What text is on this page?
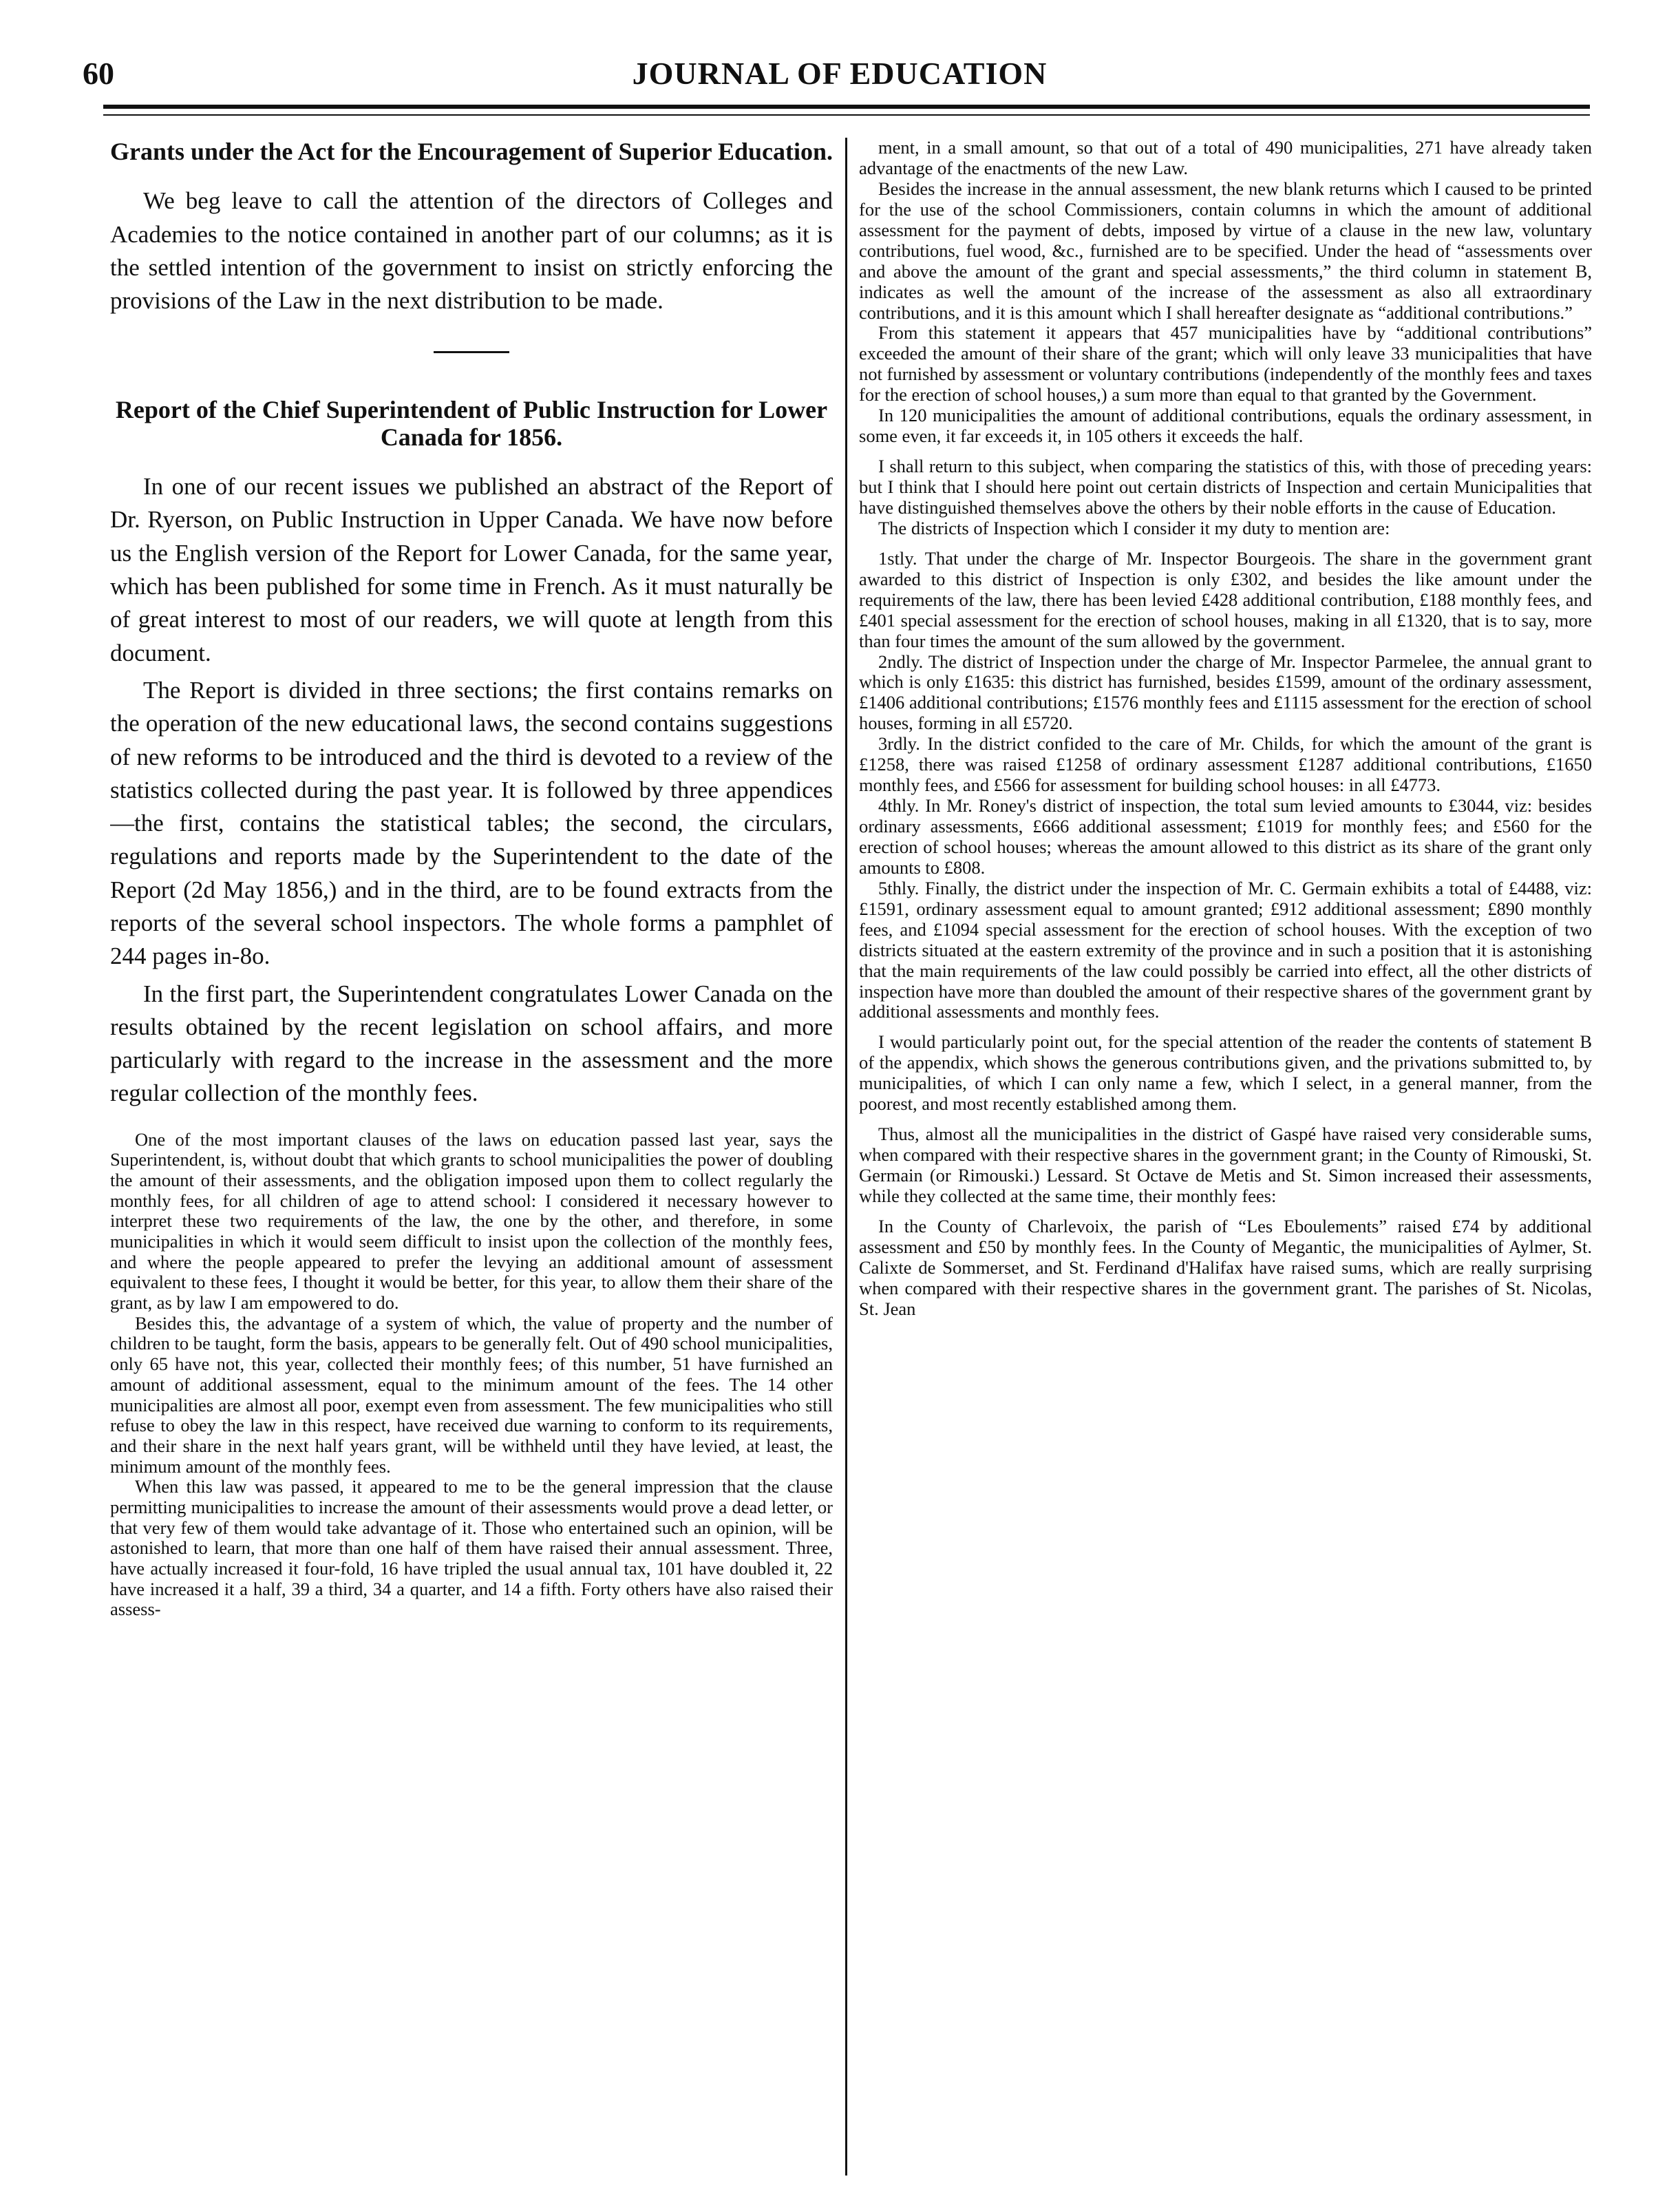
60	JOURNAL OF EDUCATION
Grants under the Act for the Encouragement of Superior Education.

We beg leave to call the attention of the directors of Colleges and Academies to the notice contained in another part of our columns; as it is the settled intention of the government to insist on strictly enforcing the provisions of the Law in the next distribution to be made.

Report of the Chief Superintendent of Public Instruction for Lower Canada for 1856.

In one of our recent issues we published an abstract of the Report of Dr. Ryerson, on Public Instruction in Upper Canada. We have now before us the English version of the Report for Lower Canada, for the same year, which has been published for some time in French. As it must naturally be of great interest to most of our readers, we will quote at length from this document.

The Report is divided in three sections; the first contains remarks on the operation of the new educational laws, the second contains suggestions of new reforms to be introduced and the third is devoted to a review of the statistics collected during the past year. It is followed by three appendices—the first, contains the statistical tables; the second, the circulars, regulations and reports made by the Superintendent to the date of the Report (2d May 1856,) and in the third, are to be found extracts from the reports of the several school inspectors. The whole forms a pamphlet of 244 pages in-8o.

In the first part, the Superintendent congratulates Lower Canada on the results obtained by the recent legislation on school affairs, and more particularly with regard to the increase in the assessment and the more regular collection of the monthly fees.

One of the most important clauses of the laws on education passed last year, says the Superintendent, is, without doubt that which grants to school municipalities the power of doubling the amount of their assessments, and the obligation imposed upon them to collect regularly the monthly fees, for all children of age to attend school: I considered it necessary however to interpret these two requirements of the law, the one by the other, and therefore, in some municipalities in which it would seem difficult to insist upon the collection of the monthly fees, and where the people appeared to prefer the levying an additional amount of assessment equivalent to these fees, I thought it would be better, for this year, to allow them their share of the grant, as by law I am empowered to do.

Besides this, the advantage of a system of which, the value of property and the number of children to be taught, form the basis, appears to be generally felt. Out of 490 school municipalities, only 65 have not, this year, collected their monthly fees; of this number, 51 have furnished an amount of additional assessment, equal to the minimum amount of the fees. The 14 other municipalities are almost all poor, exempt even from assessment. The few municipalities who still refuse to obey the law in this respect, have received due warning to conform to its requirements, and their share in the next half years grant, will be withheld until they have levied, at least, the minimum amount of the monthly fees.

When this law was passed, it appeared to me to be the general impression that the clause permitting municipalities to increase the amount of their assessments would prove a dead letter, or that very few of them would take advantage of it. Those who entertained such an opinion, will be astonished to learn, that more than one half of them have raised their annual assessment. Three, have actually increased it four-fold, 16 have tripled the usual annual tax, 101 have doubled it, 22 have increased it a half, 39 a third, 34 a quarter, and 14 a fifth. Forty others have also raised their assess-

ment, in a small amount, so that out of a total of 490 municipalities, 271 have already taken advantage of the enactments of the new Law.

Besides the increase in the annual assessment, the new blank returns which I caused to be printed for the use of the school Commissioners, contain columns in which the amount of additional assessment for the payment of debts, imposed by virtue of a clause in the new law, voluntary contributions, fuel wood, &c., furnished are to be specified. Under the head of “assessments over and above the amount of the grant and special assessments,” the third column in statement B, indicates as well the amount of the increase of the assessment as also all extraordinary contributions, and it is this amount which I shall hereafter designate as “additional contributions.”

From this statement it appears that 457 municipalities have by “additional contributions” exceeded the amount of their share of the grant; which will only leave 33 municipalities that have not furnished by assessment or voluntary contributions (independently of the monthly fees and taxes for the erection of school houses,) a sum more than equal to that granted by the Government.

In 120 municipalities the amount of additional contributions, equals the ordinary assessment, in some even, it far exceeds it, in 105 others it exceeds the half.

I shall return to this subject, when comparing the statistics of this, with those of preceding years: but I think that I should here point out certain districts of Inspection and certain Municipalities that have distinguished themselves above the others by their noble efforts in the cause of Education.

The districts of Inspection which I consider it my duty to mention are:

1stly. That under the charge of Mr. Inspector Bourgeois. The share in the government grant awarded to this district of Inspection is only £302, and besides the like amount under the requirements of the law, there has been levied £428 additional contribution, £188 monthly fees, and £401 special assessment for the erection of school houses, making in all £1320, that is to say, more than four times the amount of the sum allowed by the government.

2ndly. The district of Inspection under the charge of Mr. Inspector Parmelee, the annual grant to which is only £1635: this district has furnished, besides £1599, amount of the ordinary assessment, £1406 additional contributions; £1576 monthly fees and £1115 assessment for the erection of school houses, forming in all £5720.

3rdly. In the district confided to the care of Mr. Childs, for which the amount of the grant is £1258, there was raised £1258 of ordinary assessment £1287 additional contributions, £1650 monthly fees, and £566 for assessment for building school houses: in all £4773.

4thly. In Mr. Roney's district of inspection, the total sum levied amounts to £3044, viz: besides ordinary assessments, £666 additional assessment; £1019 for monthly fees; and £560 for the erection of school houses; whereas the amount allowed to this district as its share of the grant only amounts to £808.

5thly. Finally, the district under the inspection of Mr. C. Germain exhibits a total of £4488, viz: £1591, ordinary assessment equal to amount granted; £912 additional assessment; £890 monthly fees, and £1094 special assessment for the erection of school houses. With the exception of two districts situated at the eastern extremity of the province and in such a position that it is astonishing that the main requirements of the law could possibly be carried into effect, all the other districts of inspection have more than doubled the amount of their respective shares of the government grant by additional assessments and monthly fees.

I would particularly point out, for the special attention of the reader the contents of statement B of the appendix, which shows the generous contributions given, and the privations submitted to, by municipalities, of which I can only name a few, which I select, in a general manner, from the poorest, and most recently established among them.

Thus, almost all the municipalities in the district of Gaspé have raised very considerable sums, when compared with their respective shares in the government grant; in the County of Rimouski, St. Germain (or Rimouski.) Lessard. St Octave de Metis and St. Simon increased their assessments, while they collected at the same time, their monthly fees:

In the County of Charlevoix, the parish of “Les Eboulements” raised £74 by additional assessment and £50 by monthly fees. In the County of Megantic, the municipalities of Aylmer, St. Calixte de Sommerset, and St. Ferdinand d'Halifax have raised sums, which are really surprising when compared with their respective shares in the government grant. The parishes of St. Nicolas, St. Jean
